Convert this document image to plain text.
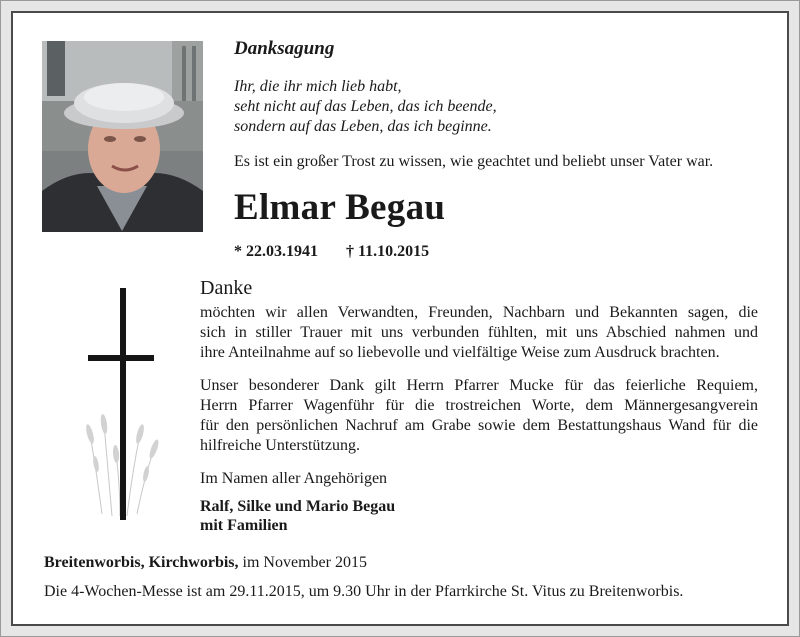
Danksagung
Ihr, die ihr mich lieb habt,
seht nicht auf das Leben, das ich beende,
sondern auf das Leben, das ich beginne.
Es ist ein großer Trost zu wissen, wie geachtet und beliebt unser Vater war.
Elmar Begau
* 22.03.1941 † 11.10.2015
Danke
möchten wir allen Verwandten, Freunden, Nachbarn und Bekannten sagen, die
sich in stiller Trauer mit uns verbunden fühlten, mit uns Abschied nahmen und
ihre Anteilnahme auf so liebevolle und vielfältige Weise zum Ausdruck brachten.
Unser besonderer Dank gilt Herrn Pfarrer Mucke für das feierliche Requiem,
Herrn Pfarrer Wagenführ für die trostreichen Worte, dem Männergesangverein
für den persönlichen Nachruf am Grabe sowie dem Bestattungshaus Wand für die
hilfreiche Unterstützung.
Im Namen aller Angehörigen
Ralf, Silke und Mario Begau
mit Familien
Breitenworbis, Kirchworbis, im November 2015
Die 4-Wochen-Messe ist am 29.11.2015, um 9.30 Uhr in der Pfarrkirche St. Vitus zu Breitenworbis.
